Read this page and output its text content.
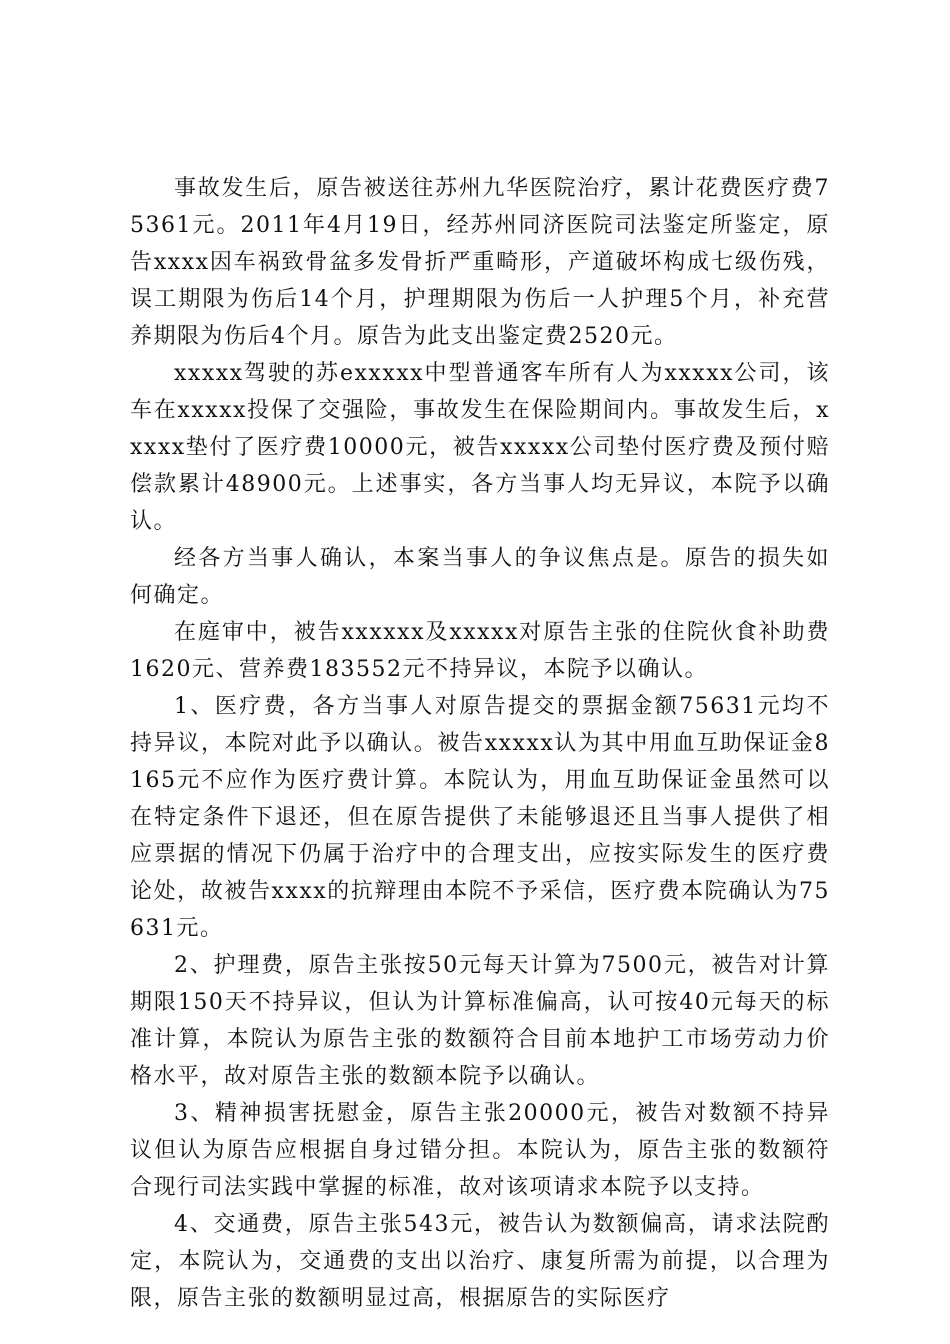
事故发生后，原告被送往苏州九华医院治疗，累计花费医疗费75361元。2011年4月19日，经苏州同济医院司法鉴定所鉴定，原告xxxx因车祸致骨盆多发骨折严重畸形，产道破坏构成七级伤残，误工期限为伤后14个月，护理期限为伤后一人护理5个月，补充营养期限为伤后4个月。原告为此支出鉴定费2520元。

xxxxx驾驶的苏exxxxx中型普通客车所有人为xxxxx公司，该车在xxxxx投保了交强险，事故发生在保险期间内。事故发生后，xxxxx垫付了医疗费10000元，被告xxxxx公司垫付医疗费及预付赔偿款累计48900元。上述事实，各方当事人均无异议，本院予以确认。

经各方当事人确认，本案当事人的争议焦点是。原告的损失如何确定。

在庭审中，被告xxxxxx及xxxxx对原告主张的住院伙食补助费1620元、营养费183552元不持异议，本院予以确认。

1、医疗费，各方当事人对原告提交的票据金额75631元均不持异议，本院对此予以确认。被告xxxxx认为其中用血互助保证金8165元不应作为医疗费计算。本院认为，用血互助保证金虽然可以在特定条件下退还，但在原告提供了未能够退还且当事人提供了相应票据的情况下仍属于治疗中的合理支出，应按实际发生的医疗费论处，故被告xxxx的抗辩理由本院不予采信，医疗费本院确认为75631元。

2、护理费，原告主张按50元每天计算为7500元，被告对计算期限150天不持异议，但认为计算标准偏高，认可按40元每天的标准计算，本院认为原告主张的数额符合目前本地护工市场劳动力价格水平，故对原告主张的数额本院予以确认。

3、精神损害抚慰金，原告主张20000元，被告对数额不持异议但认为原告应根据自身过错分担。本院认为，原告主张的数额符合现行司法实践中掌握的标准，故对该项请求本院予以支持。

4、交通费，原告主张543元，被告认为数额偏高，请求法院酌定，本院认为，交通费的支出以治疗、康复所需为前提，以合理为限，原告主张的数额明显过高，根据原告的实际医疗
